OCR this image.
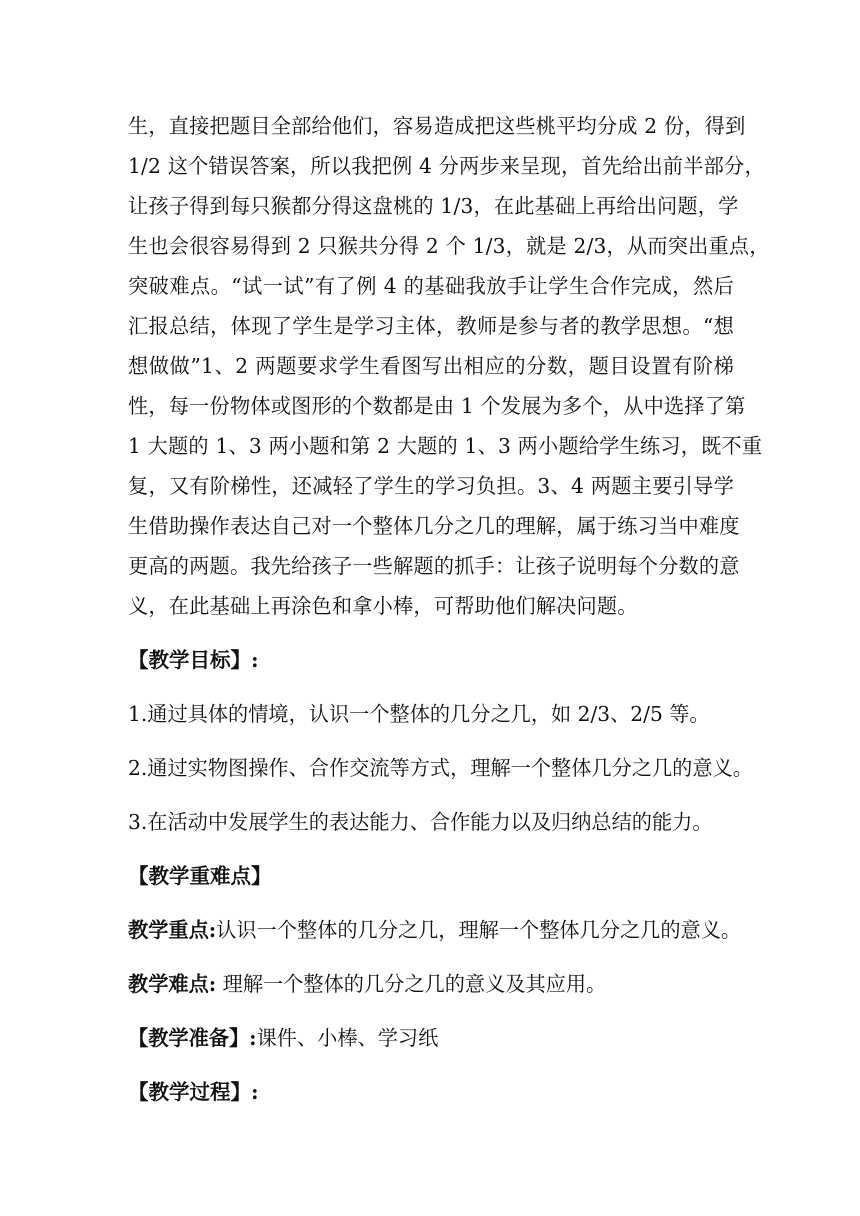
生，直接把题目全部给他们，容易造成把这些桃平均分成 2 份，得到
1/2 这个错误答案，所以我把例 4 分两步来呈现，首先给出前半部分，
让孩子得到每只猴都分得这盘桃的 1/3，在此基础上再给出问题，学
生也会很容易得到 2 只猴共分得 2 个 1/3，就是 2/3，从而突出重点，
突破难点。“试一试”有了例 4 的基础我放手让学生合作完成，然后
汇报总结，体现了学生是学习主体，教师是参与者的教学思想。“想
想做做”1、2 两题要求学生看图写出相应的分数，题目设置有阶梯
性，每一份物体或图形的个数都是由 1 个发展为多个，从中选择了第
1 大题的 1、3 两小题和第 2 大题的 1、3 两小题给学生练习，既不重
复，又有阶梯性，还减轻了学生的学习负担。3、4 两题主要引导学
生借助操作表达自己对一个整体几分之几的理解，属于练习当中难度
更高的两题。我先给孩子一些解题的抓手：让孩子说明每个分数的意
义，在此基础上再涂色和拿小棒，可帮助他们解决问题。

【教学目标】:

1.通过具体的情境，认识一个整体的几分之几，如 2/3、2/5 等。

2.通过实物图操作、合作交流等方式，理解一个整体几分之几的意义。

3.在活动中发展学生的表达能力、合作能力以及归纳总结的能力。

【教学重难点】

教学重点:认识一个整体的几分之几，理解一个整体几分之几的意义。

教学难点: 理解一个整体的几分之几的意义及其应用。

【教学准备】:课件、小棒、学习纸

【教学过程】:
